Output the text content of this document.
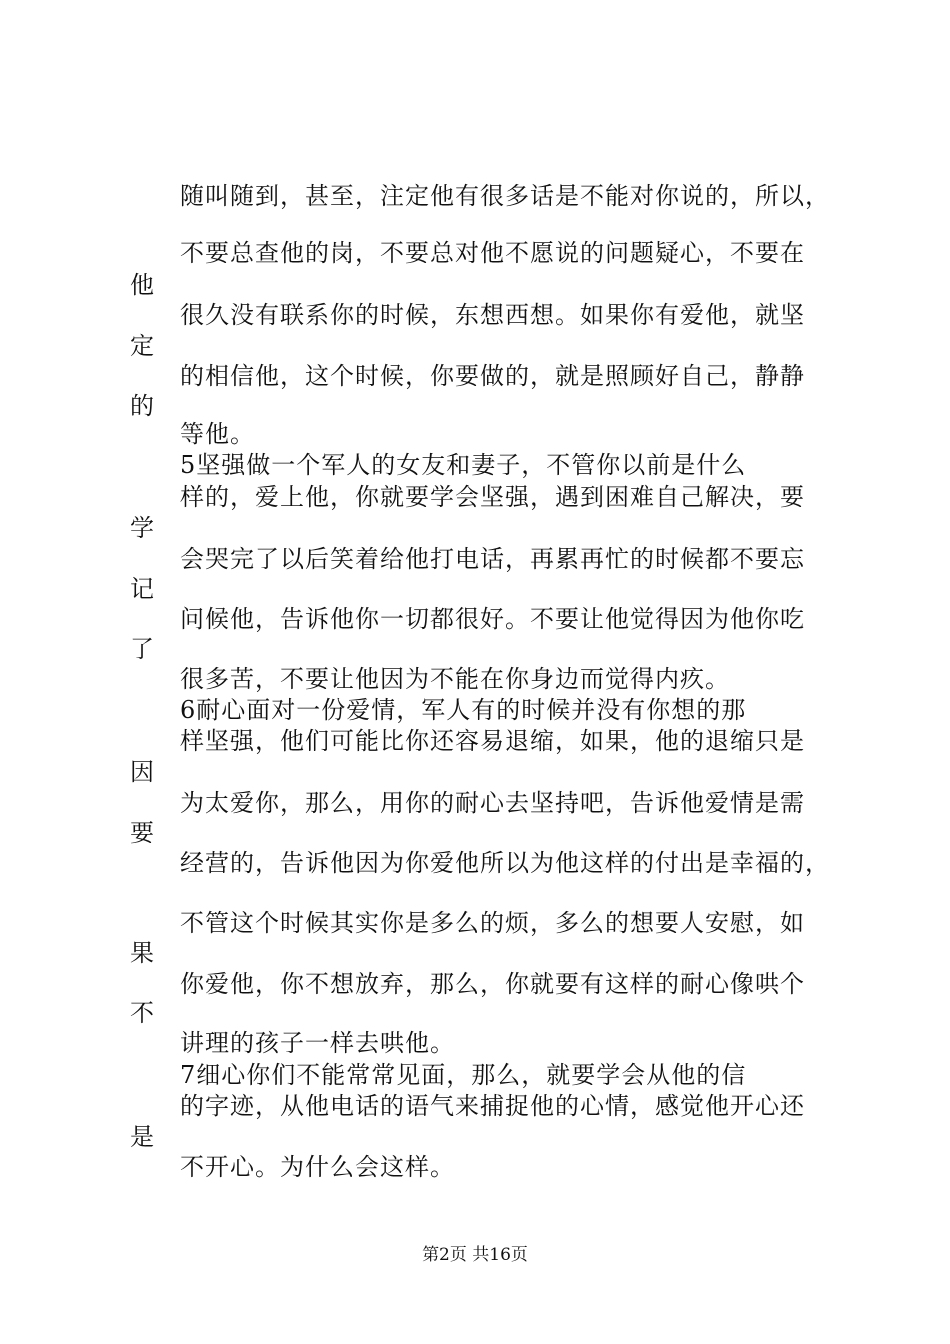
随叫随到，甚至，注定他有很多话是不能对你说的，所以，
不要总查他的岗，不要总对他不愿说的问题疑心，不要在
很久没有联系你的时候，东想西想。如果你有爱他，就坚
的相信他，这个时候，你要做的，就是照顾好自己，静静
等他。
5坚强做一个军人的女友和妻子，不管你以前是什么
样的，爱上他，你就要学会坚强，遇到困难自己解决，要
会哭完了以后笑着给他打电话，再累再忙的时候都不要忘
问候他，告诉他你一切都很好。不要让他觉得因为他你吃
很多苦，不要让他因为不能在你身边而觉得内疚。
6耐心面对一份爱情，军人有的时候并没有你想的那
样坚强，他们可能比你还容易退缩，如果，他的退缩只是
为太爱你，那么，用你的耐心去坚持吧，告诉他爱情是需
经营的，告诉他因为你爱他所以为他这样的付出是幸福的，
不管这个时候其实你是多么的烦，多么的想要人安慰，如
你爱他，你不想放弃，那么，你就要有这样的耐心像哄个
讲理的孩子一样去哄他。
7细心你们不能常常见面，那么，就要学会从他的信
的字迹，从他电话的语气来捕捉他的心情，感觉他开心还
不开心。为什么会这样。
他
定
的
学
记
了
因
要
果
不
是
第2页 共16页
